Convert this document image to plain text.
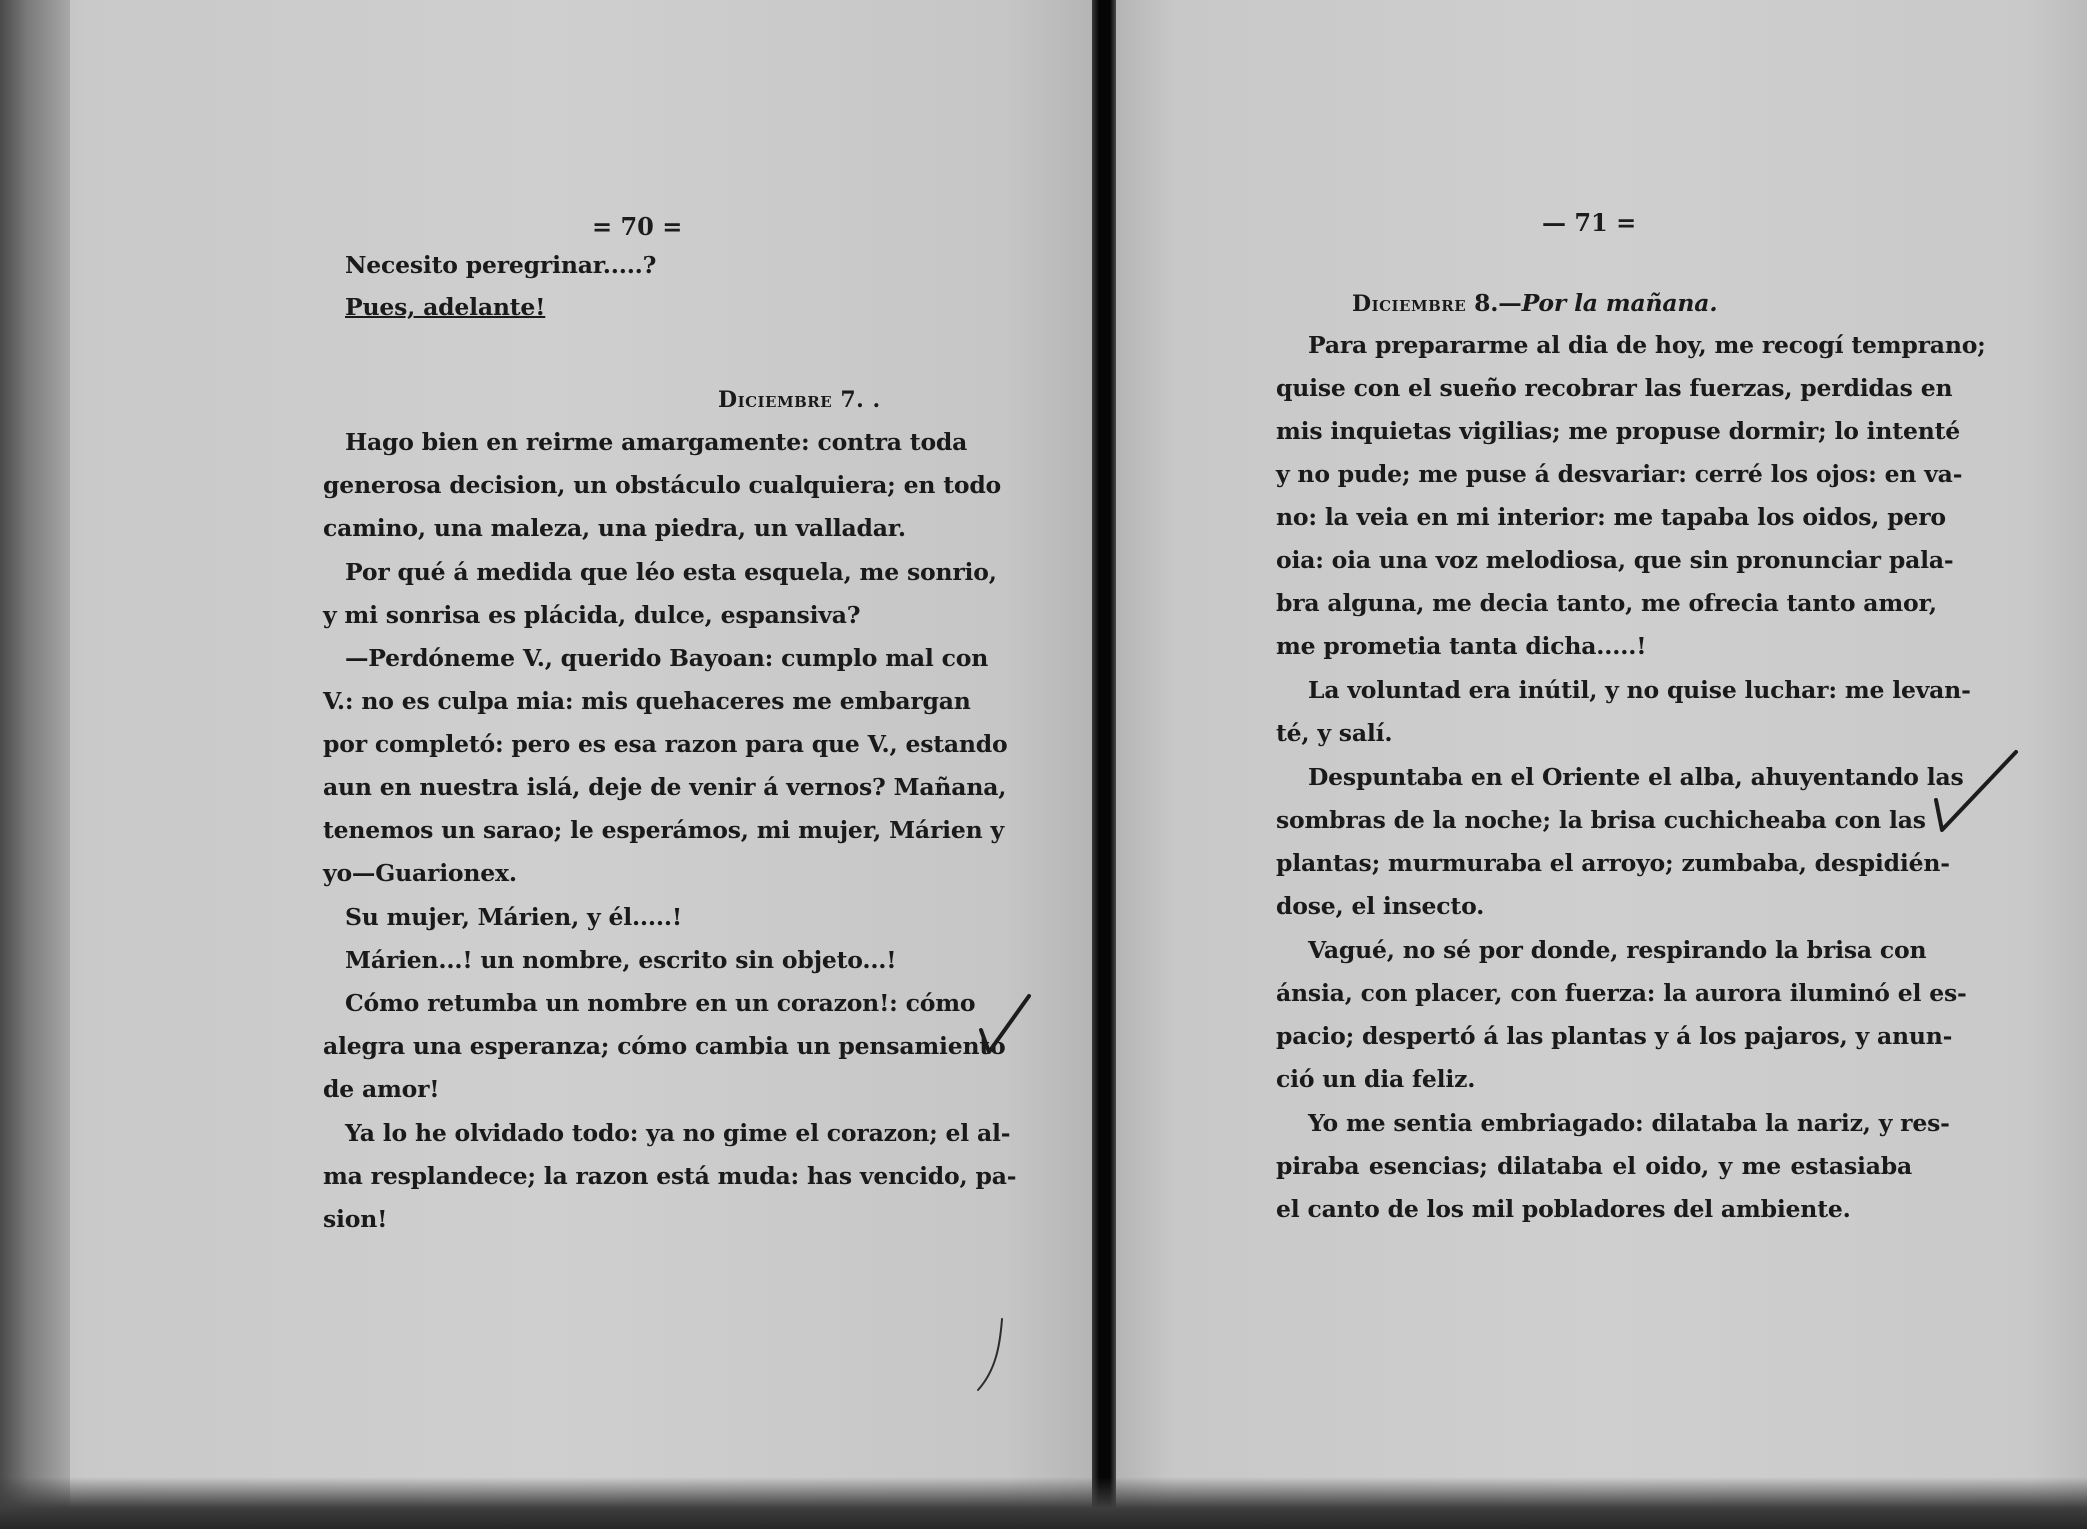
= 70 =
Necesito peregrinar.....?
Pues, adelante!
Diciembre 7. .
Hago bien en reirme amargamente: contra toda
generosa decision, un obstáculo cualquiera; en todo
camino, una maleza, una piedra, un valladar.
Por qué á medida que léo esta esquela, me sonrio,
y mi sonrisa es plácida, dulce, espansiva?
—Perdóneme V., querido Bayoan: cumplo mal con
V.: no es culpa mia: mis quehaceres me embargan
por completó: pero es esa razon para que V., estando
aun en nuestra islá, deje de venir á vernos? Mañana,
tenemos un sarao; le esperámos, mi mujer, Márien y
yo—Guarionex.
Su mujer, Márien, y él.....!
Márien...! un nombre, escrito sin objeto...!
Cómo retumba un nombre en un corazon!: cómo
alegra una esperanza; cómo cambia un pensamiento
de amor!
Ya lo he olvidado todo: ya no gime el corazon; el al-
ma resplandece; la razon está muda: has vencido, pa-
sion!
— 71 =
Diciembre 8.—Por la mañana.
Para prepararme al dia de hoy, me recogí temprano;
quise con el sueño recobrar las fuerzas, perdidas en
mis inquietas vigilias; me propuse dormir; lo intenté
y no pude; me puse á desvariar: cerré los ojos: en va-
no: la veia en mi interior: me tapaba los oidos, pero
oia: oia una voz melodiosa, que sin pronunciar pala-
bra alguna, me decia tanto, me ofrecia tanto amor,
me prometia tanta dicha.....!
La voluntad era inútil, y no quise luchar: me levan-
té, y salí.
Despuntaba en el Oriente el alba, ahuyentando las
sombras de la noche; la brisa cuchicheaba con las
plantas; murmuraba el arroyo; zumbaba, despidién-
dose, el insecto.
Vagué, no sé por donde, respirando la brisa con
ánsia, con placer, con fuerza: la aurora iluminó el es-
pacio; despertó á las plantas y á los pajaros, y anun-
ció un dia feliz.
Yo me sentia embriagado: dilataba la nariz, y res-
piraba esencias; dilataba el oido, y me estasiaba
el canto de los mil pobladores del ambiente.
